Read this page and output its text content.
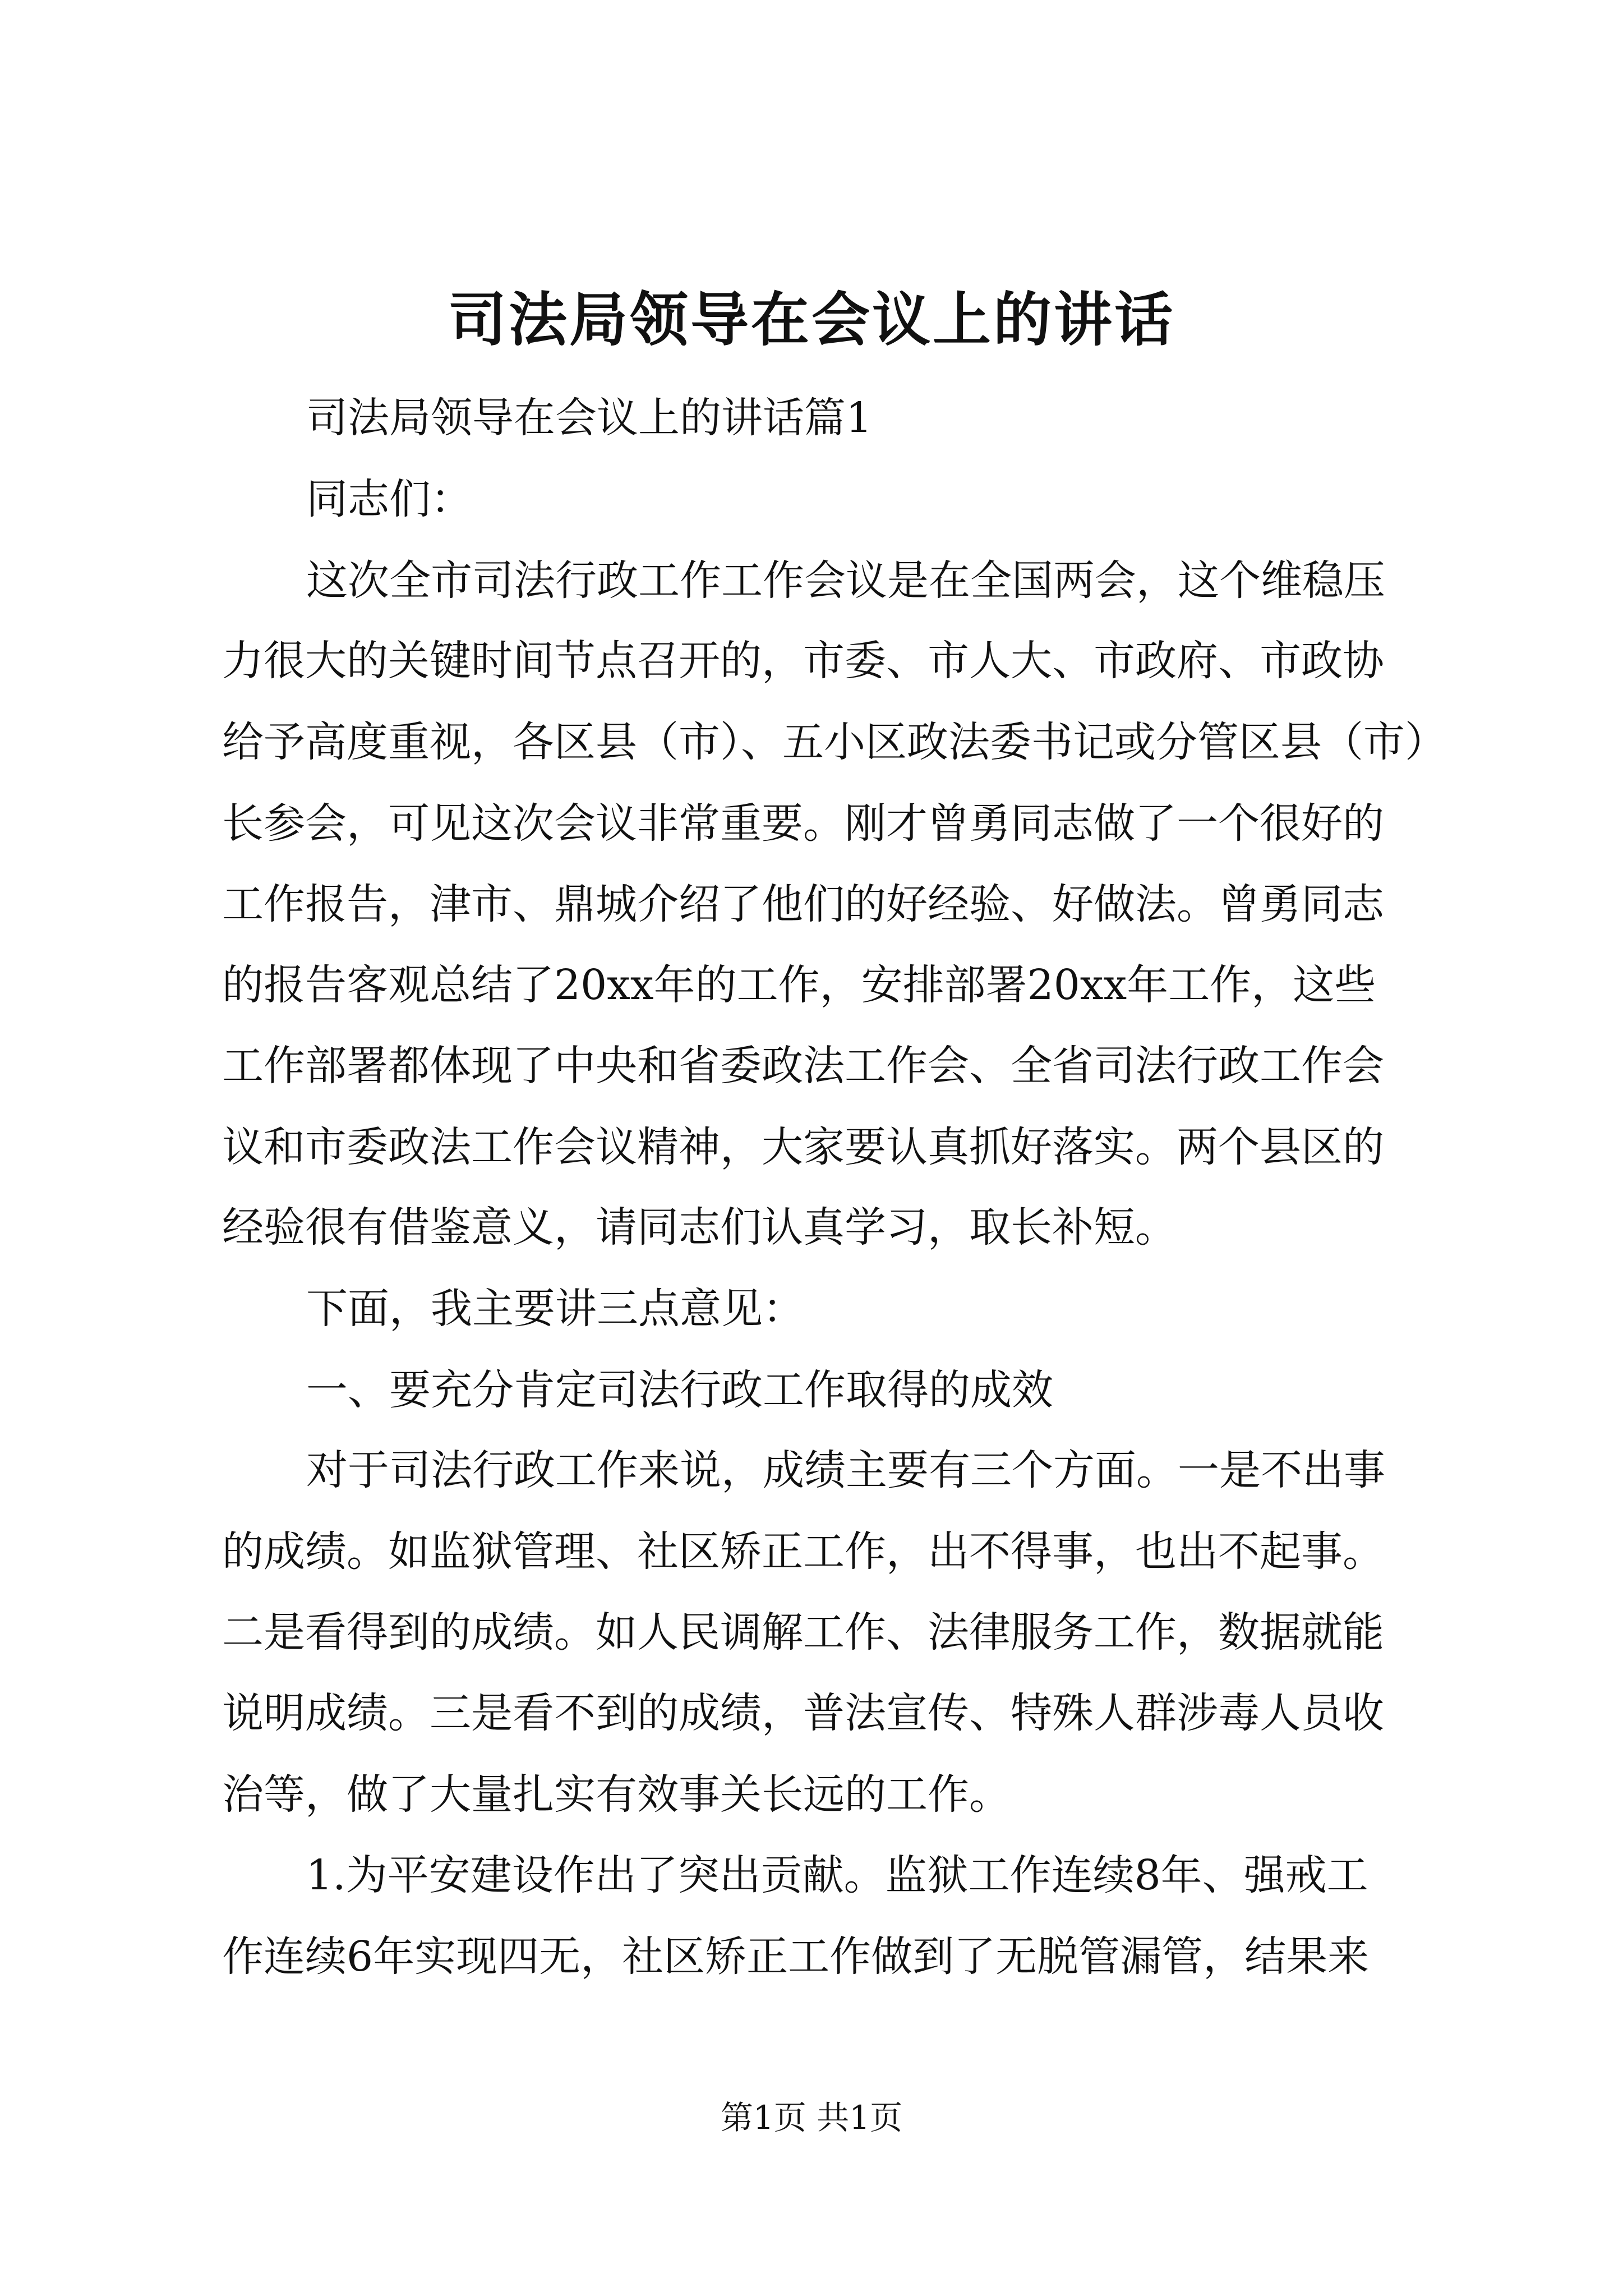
司法局领导在会议上的讲话

司法局领导在会议上的讲话篇1

同志们：

这次全市司法行政工作工作会议是在全国两会，这个维稳压

力很大的关键时间节点召开的，市委、市人大、市政府、市政协

给予高度重视，各区县（市）、五小区政法委书记或分管区县（市）

长参会，可见这次会议非常重要。刚才曾勇同志做了一个很好的

工作报告，津市、鼎城介绍了他们的好经验、好做法。曾勇同志

的报告客观总结了20xx年的工作，安排部署20xx年工作，这些

工作部署都体现了中央和省委政法工作会、全省司法行政工作会

议和市委政法工作会议精神，大家要认真抓好落实。两个县区的

经验很有借鉴意义，请同志们认真学习，取长补短。

下面，我主要讲三点意见：

一、要充分肯定司法行政工作取得的成效

对于司法行政工作来说，成绩主要有三个方面。一是不出事

的成绩。如监狱管理、社区矫正工作，出不得事，也出不起事。

二是看得到的成绩。如人民调解工作、法律服务工作，数据就能

说明成绩。三是看不到的成绩，普法宣传、特殊人群涉毒人员收

治等，做了大量扎实有效事关长远的工作。

1.为平安建设作出了突出贡献。监狱工作连续8年、强戒工

作连续6年实现四无，社区矫正工作做到了无脱管漏管，结果来

第1页 共1页
